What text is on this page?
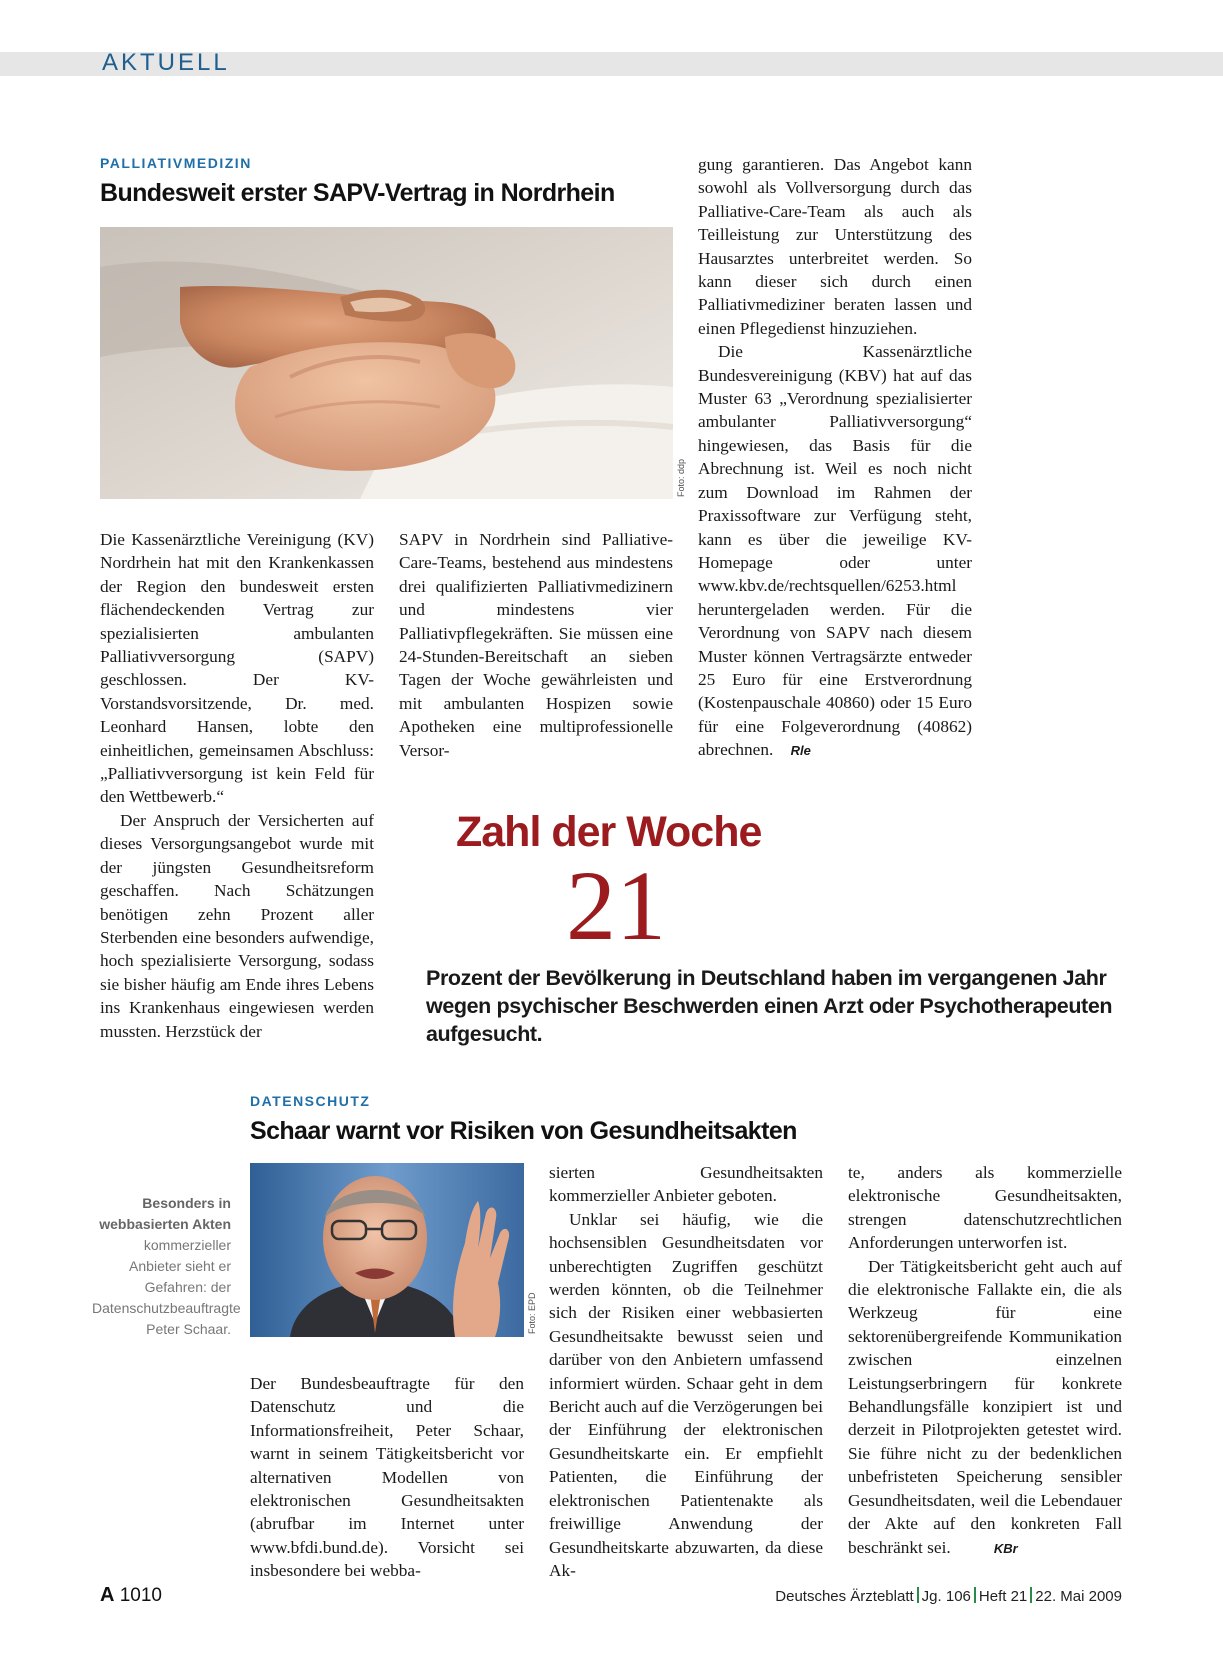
AKTUELL
PALLIATIVMEDIZIN
Bundesweit erster SAPV-Vertrag in Nordrhein
Foto: ddp

Die Kassenärztliche Vereinigung (KV) Nordrhein hat mit den Krankenkassen der Region den bundesweit ersten flächendeckenden Vertrag zur spezialisierten ambulanten Palliativversorgung (SAPV) geschlossen. Der KV-Vorstandsvorsitzende, Dr. med. Leonhard Hansen, lobte den einheitlichen, gemeinsamen Abschluss: „Palliativversorgung ist kein Feld für den Wettbewerb.“

Der Anspruch der Versicherten auf dieses Versorgungsangebot wurde mit der jüngsten Gesundheitsreform geschaffen. Nach Schätzungen benötigen zehn Prozent aller Sterbenden eine besonders aufwendige, hoch spezialisierte Versorgung, sodass sie bisher häufig am Ende ihres Lebens ins Krankenhaus eingewiesen werden mussten. Herzstück der

SAPV in Nordrhein sind Palliative-Care-Teams, bestehend aus mindestens drei qualifizierten Palliativmedizinern und mindestens vier Palliativpflegekräften. Sie müssen eine 24-Stunden-Bereitschaft an sieben Tagen der Woche gewährleisten und mit ambulanten Hospizen sowie Apotheken eine multiprofessionelle Versor-

gung garantieren. Das Angebot kann sowohl als Vollversorgung durch das Palliative-Care-Team als auch als Teilleistung zur Unterstützung des Hausarztes unterbreitet werden. So kann dieser sich durch einen Palliativmediziner beraten lassen und einen Pflegedienst hinzuziehen.

Die Kassenärztliche Bundesvereinigung (KBV) hat auf das Muster 63 „Verordnung spezialisierter ambulanter Palliativversorgung“ hingewiesen, das Basis für die Abrechnung ist. Weil es noch nicht zum Download im Rahmen der Praxissoftware zur Verfügung steht, kann es über die jeweilige KV-Homepage oder unter www.kbv.de/rechtsquellen/6253.html heruntergeladen werden. Für die Verordnung von SAPV nach diesem Muster können Vertragsärzte entweder 25 Euro für eine Erstverordnung (Kostenpauschale 40860) oder 15 Euro für eine Folgeverordnung (40862) abrechnen. Rle

Zahl der Woche
21
Prozent der Bevölkerung in Deutschland haben im vergangenen Jahr wegen psychischer Beschwerden einen Arzt oder Psychotherapeuten aufgesucht.
DATENSCHUTZ
Schaar warnt vor Risiken von Gesundheitsakten
Foto: EPD
Besonders in webbasierten Akten
kommerzieller Anbieter sieht er Gefahren: der Datenschutzbeauftragte Peter Schaar.

Der Bundesbeauftragte für den Datenschutz und die Informationsfreiheit, Peter Schaar, warnt in seinem Tätigkeitsbericht vor alternativen Modellen von elektronischen Gesundheitsakten (abrufbar im Internet unter www.bfdi.bund.de). Vorsicht sei insbesondere bei webba-

sierten Gesundheitsakten kommerzieller Anbieter geboten.

Unklar sei häufig, wie die hochsensiblen Gesundheitsdaten vor unberechtigten Zugriffen geschützt werden könnten, ob die Teilnehmer sich der Risiken einer webbasierten Gesundheitsakte bewusst seien und darüber von den Anbietern umfassend informiert würden. Schaar geht in dem Bericht auch auf die Verzögerungen bei der Einführung der elektronischen Gesundheitskarte ein. Er empfiehlt Patienten, die Einführung der elektronischen Patientenakte als freiwillige Anwendung der Gesundheitskarte abzuwarten, da diese Ak-

te, anders als kommerzielle elektronische Gesundheitsakten, strengen datenschutzrechtlichen Anforderungen unterworfen ist.

Der Tätigkeitsbericht geht auch auf die elektronische Fallakte ein, die als Werkzeug für eine sektorenübergreifende Kommunikation zwischen einzelnen Leistungserbringern für konkrete Behandlungsfälle konzipiert ist und derzeit in Pilotprojekten getestet wird. Sie führe nicht zu der bedenklichen unbefristeten Speicherung sensibler Gesundheitsdaten, weil die Lebendauer der Akte auf den konkreten Fall beschränkt sei.	KBr

A 1010	Deutsches Ärzteblatt Jg. 106 Heft 21 22. Mai 2009
